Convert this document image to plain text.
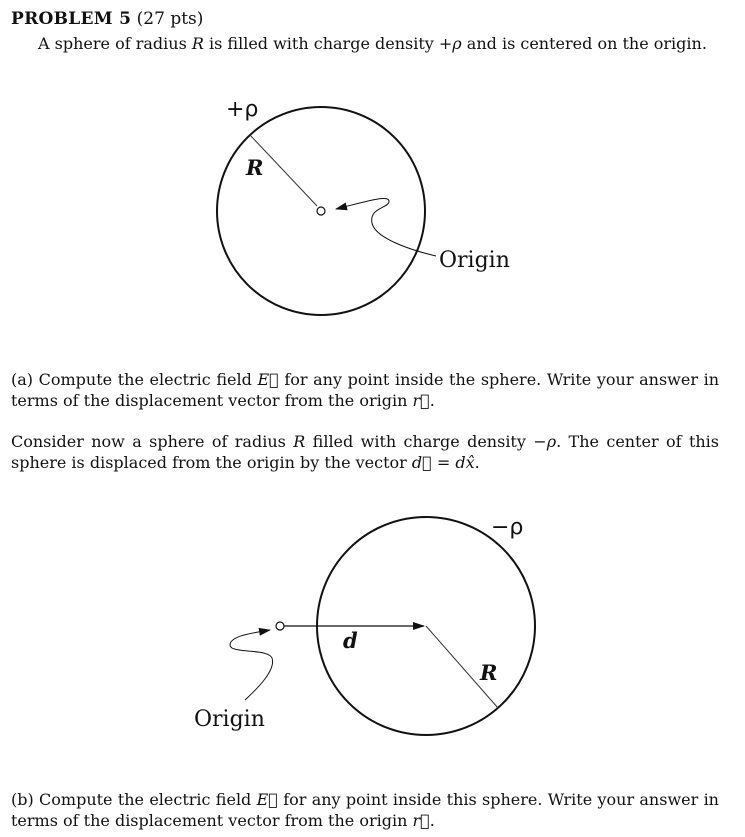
PROBLEM 5 (27 pts)
A sphere of radius R is filled with charge density +ρ and is centered on the origin.
+ρ
R
Origin
−ρ
d
R
Origin
(a) Compute the electric field E⃗ for any point inside the sphere. Write your answer in terms of the displacement vector from the origin r⃗.
Consider now a sphere of radius R filled with charge density −ρ. The center of this sphere is displaced from the origin by the vector d⃗ = dx̂.
(b) Compute the electric field E⃗ for any point inside this sphere. Write your answer in terms of the displacement vector from the origin r⃗.
